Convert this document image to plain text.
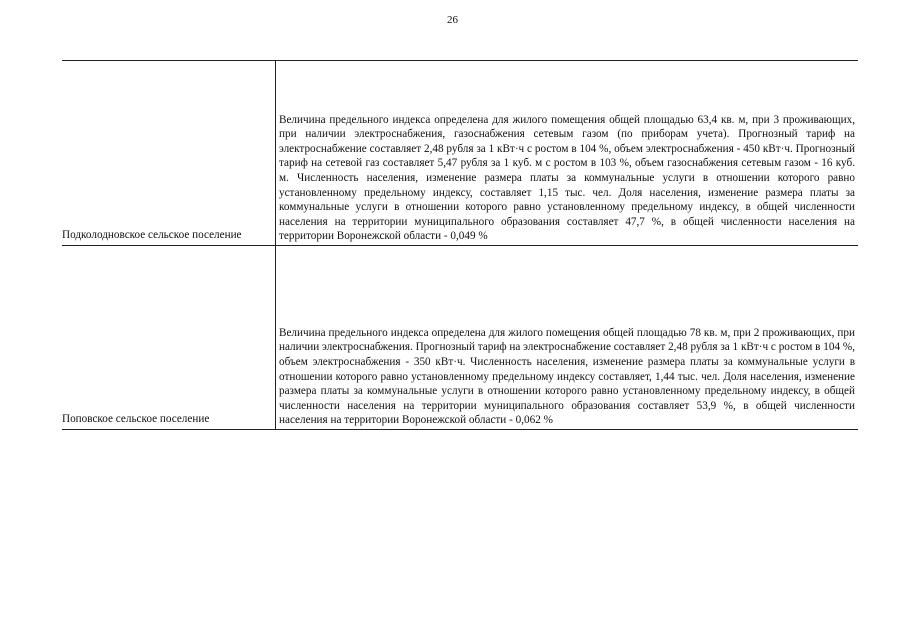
26
Подколодновское сельское поселение	Величина предельного индекса определена для жилого помещения общей площадью 63,4 кв. м, при 3 проживающих, при наличии электроснабжения, газоснабжения сетевым газом (по приборам учета). Прогнозный тариф на электроснабжение составляет 2,48 рубля за 1 кВт·ч с ростом в 104 %, объем электроснабжения - 450 кВт·ч. Прогнозный тариф на сетевой газ составляет 5,47 рубля за 1 куб. м с ростом в 103 %, объем газоснабжения сетевым газом - 16 куб. м. Численность населения, изменение размера платы за коммунальные услуги в отношении которого равно установленному предельному индексу, составляет 1,15 тыс. чел. Доля населения, изменение размера платы за коммунальные услуги в отношении которого равно установленному предельному индексу, в общей численности населения на территории муниципального образования составляет 47,7 %, в общей численности населения на территории Воронежской области - 0,049 %
Поповское сельское поселение	Величина предельного индекса определена для жилого помещения общей площадью 78 кв. м, при 2 проживающих, при наличии электроснабжения. Прогнозный тариф на электроснабжение составляет 2,48 рубля за 1 кВт·ч с ростом в 104 %, объем электроснабжения - 350 кВт·ч. Численность населения, изменение размера платы за коммунальные услуги в отношении которого равно установленному предельному индексу составляет, 1,44 тыс. чел. Доля населения, изменение размера платы за коммунальные услуги в отношении которого равно установленному предельному индексу, в общей численности населения на территории муниципального образования составляет 53,9 %, в общей численности населения на территории Воронежской области - 0,062 %
